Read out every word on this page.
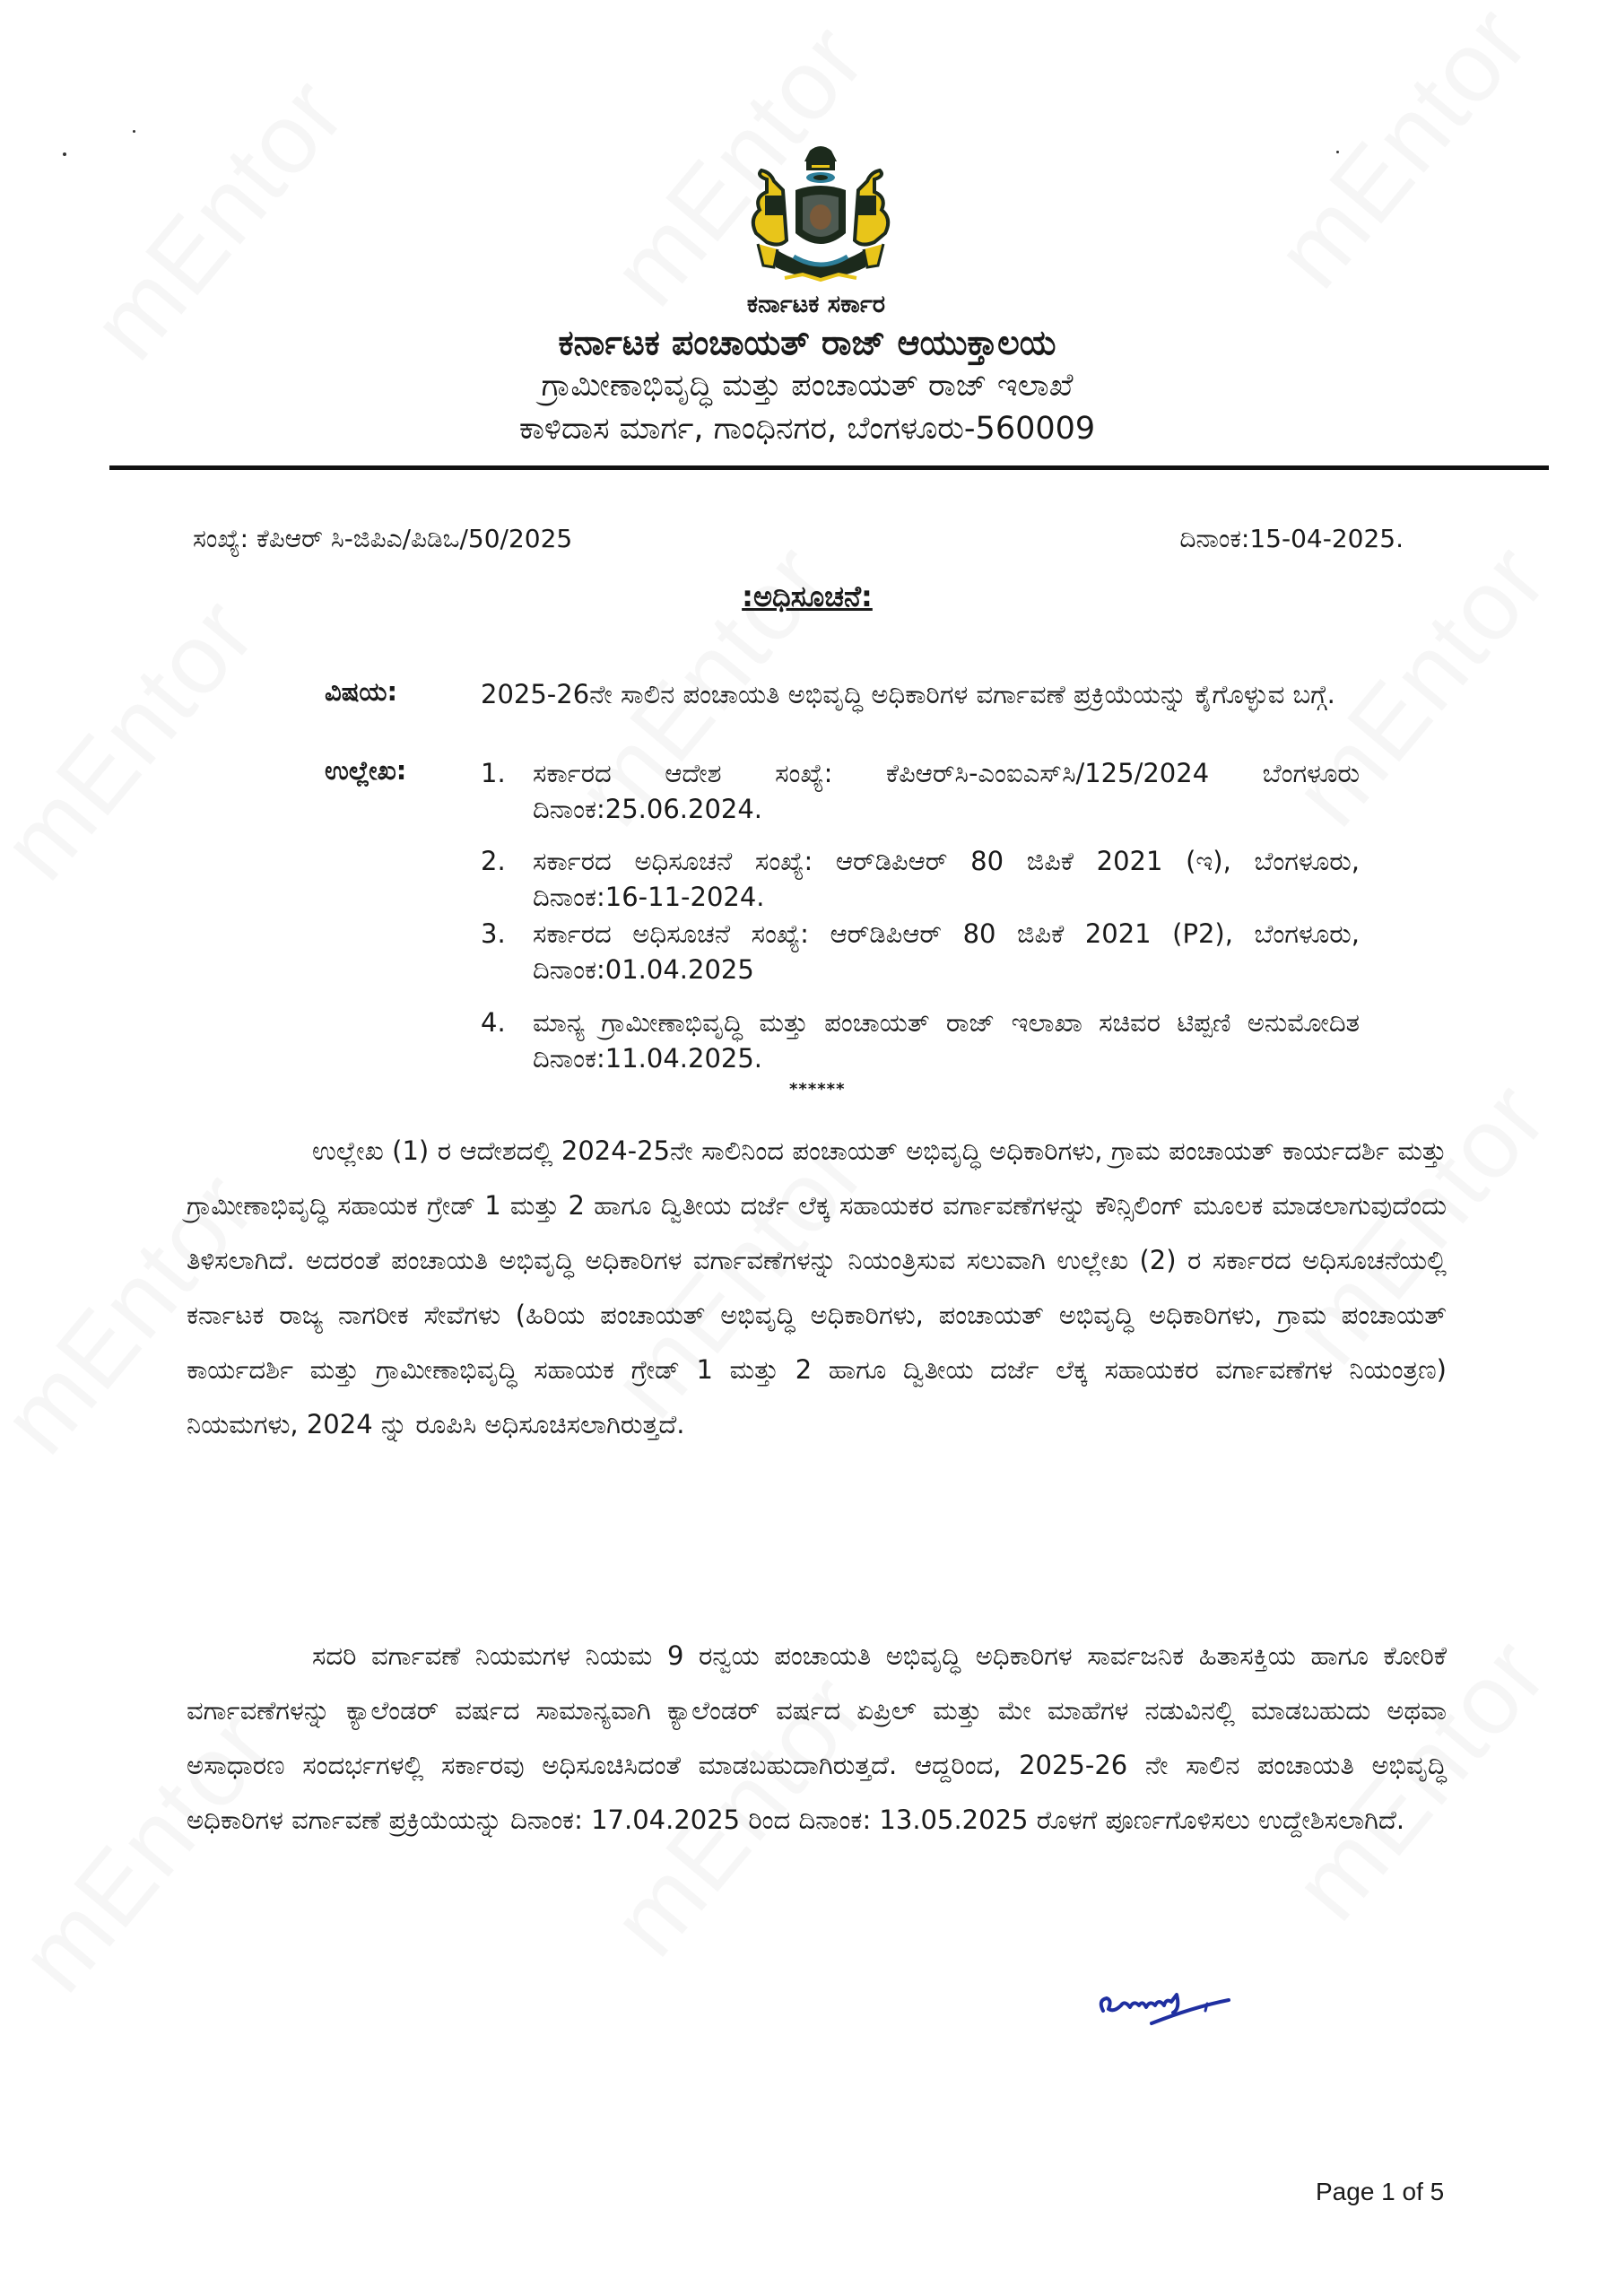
ಕರ್ನಾಟಕ ಸರ್ಕಾರ
ಕರ್ನಾಟಕ ಪಂಚಾಯತ್ ರಾಜ್ ಆಯುಕ್ತಾಲಯ
ಗ್ರಾಮೀಣಾಭಿವೃದ್ಧಿ ಮತ್ತು ಪಂಚಾಯತ್ ರಾಜ್ ಇಲಾಖೆ
ಕಾಳಿದಾಸ ಮಾರ್ಗ, ಗಾಂಧಿನಗರ, ಬೆಂಗಳೂರು-560009
ಸಂಖ್ಯೆ: ಕೆಪಿಆರ್ ಸಿ-ಜಿಪಿಎ/ಪಿಡಿಒ/50/2025	ದಿನಾಂಕ:15-04-2025.
:ಅಧಿಸೂಚನೆ:
ವಿಷಯ:	2025-26ನೇ ಸಾಲಿನ ಪಂಚಾಯತಿ ಅಭಿವೃದ್ಧಿ ಅಧಿಕಾರಿಗಳ ವರ್ಗಾವಣೆ ಪ್ರಕ್ರಿಯೆಯನ್ನು ಕೈಗೊಳ್ಳುವ ಬಗ್ಗೆ.
ಉಲ್ಲೇಖ:	1. ಸರ್ಕಾರದ ಆದೇಶ ಸಂಖ್ಯೆ: ಕೆಪಿಆರ್‌ಸಿ-ಎಂಐಎಸ್‌ಸಿ/125/2024 ಬೆಂಗಳೂರು ದಿನಾಂಕ:25.06.2024.
2. ಸರ್ಕಾರದ ಅಧಿಸೂಚನೆ ಸಂಖ್ಯೆ: ಆರ್‌ಡಿಪಿಆರ್ 80 ಜಿಪಿಕೆ 2021 (ಇ), ಬೆಂಗಳೂರು, ದಿನಾಂಕ:16-11-2024.
3. ಸರ್ಕಾರದ ಅಧಿಸೂಚನೆ ಸಂಖ್ಯೆ: ಆರ್‌ಡಿಪಿಆರ್ 80 ಜಿಪಿಕೆ 2021 (P2), ಬೆಂಗಳೂರು, ದಿನಾಂಕ:01.04.2025
4. ಮಾನ್ಯ ಗ್ರಾಮೀಣಾಭಿವೃದ್ಧಿ ಮತ್ತು ಪಂಚಾಯತ್ ರಾಜ್ ಇಲಾಖಾ ಸಚಿವರ ಟಿಪ್ಪಣಿ ಅನುಮೋದಿತ ದಿನಾಂಕ:11.04.2025.
******
ಉಲ್ಲೇಖ (1) ರ ಆದೇಶದಲ್ಲಿ 2024-25ನೇ ಸಾಲಿನಿಂದ ಪಂಚಾಯತ್ ಅಭಿವೃದ್ಧಿ ಅಧಿಕಾರಿಗಳು, ಗ್ರಾಮ ಪಂಚಾಯತ್ ಕಾರ್ಯದರ್ಶಿ ಮತ್ತು ಗ್ರಾಮೀಣಾಭಿವೃದ್ಧಿ ಸಹಾಯಕ ಗ್ರೇಡ್ 1 ಮತ್ತು 2 ಹಾಗೂ ದ್ವಿತೀಯ ದರ್ಜೆ ಲೆಕ್ಕ ಸಹಾಯಕರ ವರ್ಗಾವಣೆಗಳನ್ನು ಕೌನ್ಸಿಲಿಂಗ್ ಮೂಲಕ ಮಾಡಲಾಗುವುದೆಂದು ತಿಳಿಸಲಾಗಿದೆ. ಅದರಂತೆ ಪಂಚಾಯತಿ ಅಭಿವೃದ್ಧಿ ಅಧಿಕಾರಿಗಳ ವರ್ಗಾವಣೆಗಳನ್ನು ನಿಯಂತ್ರಿಸುವ ಸಲುವಾಗಿ ಉಲ್ಲೇಖ (2) ರ ಸರ್ಕಾರದ ಅಧಿಸೂಚನೆಯಲ್ಲಿ ಕರ್ನಾಟಕ ರಾಜ್ಯ ನಾಗರೀಕ ಸೇವೆಗಳು (ಹಿರಿಯ ಪಂಚಾಯತ್ ಅಭಿವೃದ್ಧಿ ಅಧಿಕಾರಿಗಳು, ಪಂಚಾಯತ್ ಅಭಿವೃದ್ಧಿ ಅಧಿಕಾರಿಗಳು, ಗ್ರಾಮ ಪಂಚಾಯತ್ ಕಾರ್ಯದರ್ಶಿ ಮತ್ತು ಗ್ರಾಮೀಣಾಭಿವೃದ್ಧಿ ಸಹಾಯಕ ಗ್ರೇಡ್ 1 ಮತ್ತು 2 ಹಾಗೂ ದ್ವಿತೀಯ ದರ್ಜೆ ಲೆಕ್ಕ ಸಹಾಯಕರ ವರ್ಗಾವಣೆಗಳ ನಿಯಂತ್ರಣ) ನಿಯಮಗಳು, 2024 ನ್ನು ರೂಪಿಸಿ ಅಧಿಸೂಚಿಸಲಾಗಿರುತ್ತದೆ.
ಸದರಿ ವರ್ಗಾವಣೆ ನಿಯಮಗಳ ನಿಯಮ 9 ರನ್ವಯ ಪಂಚಾಯತಿ ಅಭಿವೃದ್ಧಿ ಅಧಿಕಾರಿಗಳ ಸಾರ್ವಜನಿಕ ಹಿತಾಸಕ್ತಿಯ ಹಾಗೂ ಕೋರಿಕೆ ವರ್ಗಾವಣೆಗಳನ್ನು ಕ್ಯಾಲೆಂಡರ್ ವರ್ಷದ ಸಾಮಾನ್ಯವಾಗಿ ಕ್ಯಾಲೆಂಡರ್ ವರ್ಷದ ಏಪ್ರಿಲ್ ಮತ್ತು ಮೇ ಮಾಹೆಗಳ ನಡುವಿನಲ್ಲಿ ಮಾಡಬಹುದು ಅಥವಾ ಅಸಾಧಾರಣ ಸಂದರ್ಭಗಳಲ್ಲಿ ಸರ್ಕಾರವು ಅಧಿಸೂಚಿಸಿದಂತೆ ಮಾಡಬಹುದಾಗಿರುತ್ತದೆ. ಆದ್ದರಿಂದ, 2025-26 ನೇ ಸಾಲಿನ ಪಂಚಾಯತಿ ಅಭಿವೃದ್ಧಿ ಅಧಿಕಾರಿಗಳ ವರ್ಗಾವಣೆ ಪ್ರಕ್ರಿಯೆಯನ್ನು ದಿನಾಂಕ: 17.04.2025 ರಿಂದ ದಿನಾಂಕ: 13.05.2025 ರೊಳಗೆ ಪೂರ್ಣಗೊಳಿಸಲು ಉದ್ದೇಶಿಸಲಾಗಿದೆ.
Page 1 of 5
